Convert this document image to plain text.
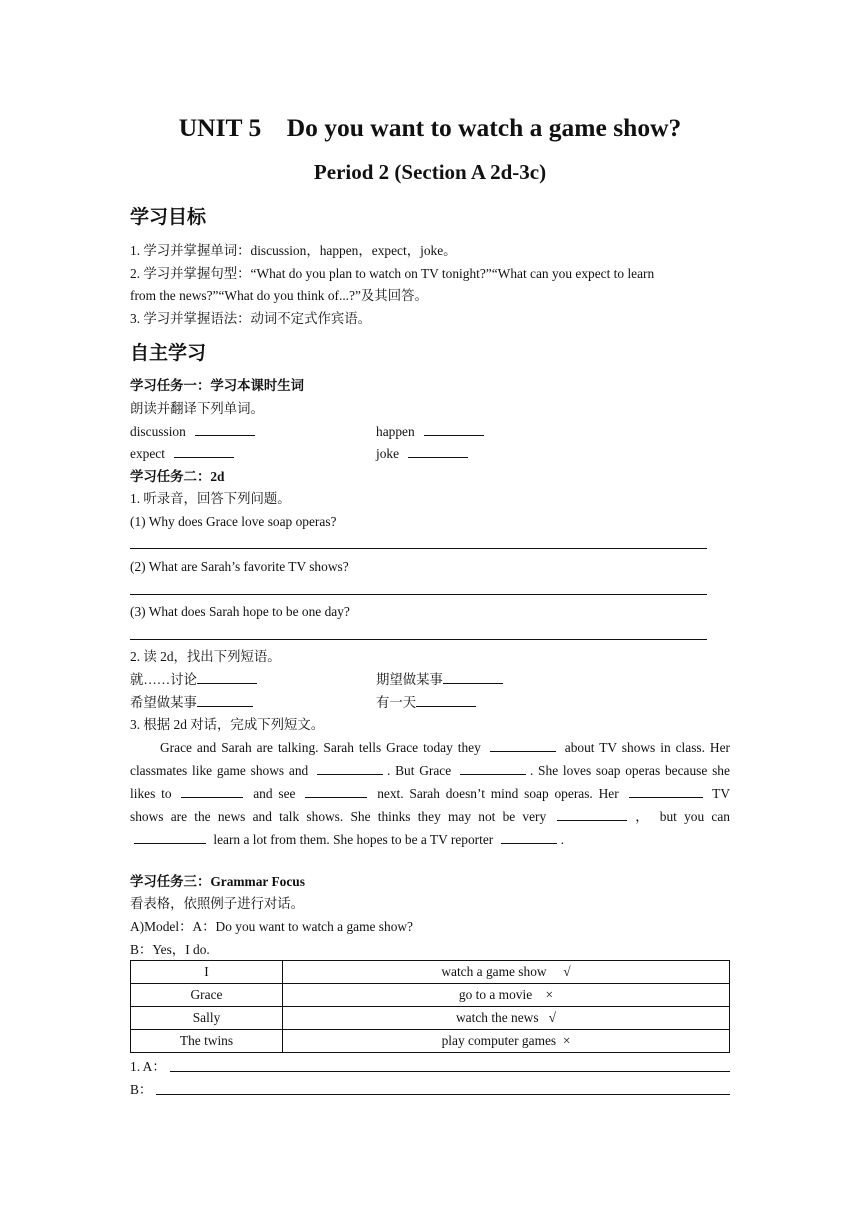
UNIT 5    Do you want to watch a game show?
Period 2 (Section A 2d-3c)
学习目标
1. 学习并掌握单词：discussion，happen，expect，joke。
2. 学习并掌握句型：“What do you plan to watch on TV tonight?”“What can you expect to learn
from the news?”“What do you think of...?”及其回答。
3. 学习并掌握语法：动词不定式作宾语。
自主学习
学习任务一：学习本课时生词
朗读并翻译下列单词。
discussion	happen
expect	joke
学习任务二：2d
1. 听录音，回答下列问题。
(1) Why does Grace love soap operas?
(2) What are Sarah’s favorite TV shows?
(3) What does Sarah hope to be one day?
2. 读 2d，找出下列短语。
就……讨论	期望做某事
希望做某事	有一天
3. 根据 2d 对话，完成下列短文。
Grace and Sarah are talking. Sarah tells Grace today they	about TV shows in class. Her classmates like game shows and	. But Grace	. She loves soap operas because she likes to	and see	next. Sarah doesn’t mind soap operas. Her	TV shows are the news and talk shows. She thinks they may not be very	， but you can  learn a lot from them. She hopes to be a TV reporter	.
学习任务三：Grammar Focus
看表格，依照例子进行对话。
A)Model：A：Do you want to watch a game show?
B：Yes，I do.
I	watch a game show     √
Grace	go to a movie    ×
Sally	watch the news   √
The twins	play computer games  ×
1. A：
B：
